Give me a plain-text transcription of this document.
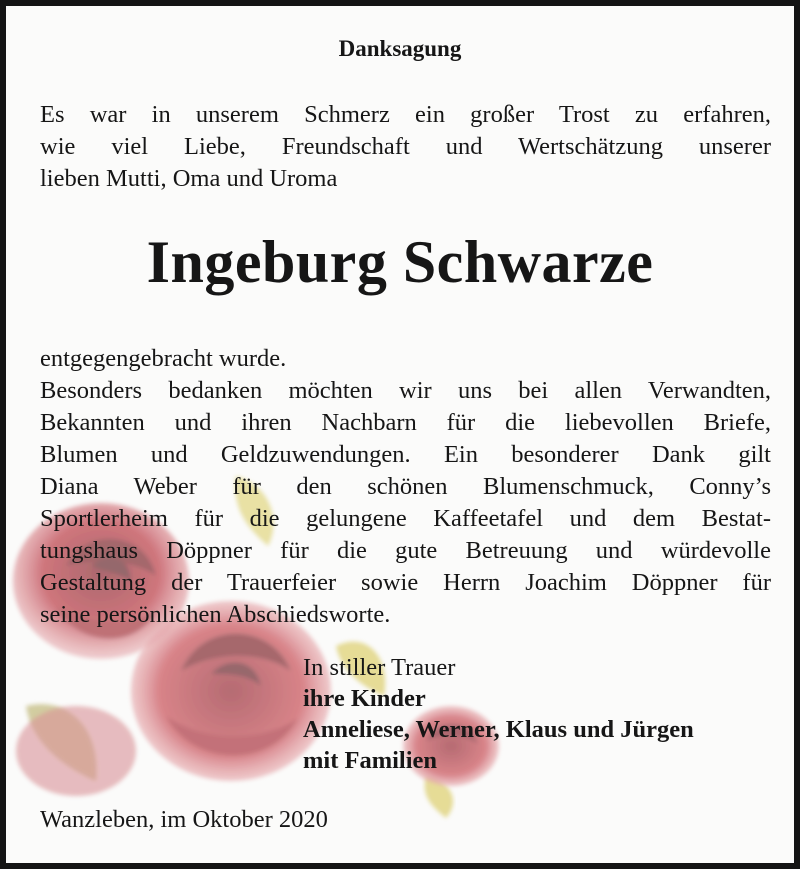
Danksagung
Es war in unserem Schmerz ein großer Trost zu erfahren,
wie viel Liebe, Freundschaft und Wertschätzung unserer
lieben Mutti, Oma und Uroma
Ingeburg Schwarze
entgegengebracht wurde.
Besonders bedanken möchten wir uns bei allen Verwandten,
Bekannten und ihren Nachbarn für die liebevollen Briefe,
Blumen und Geldzuwendungen. Ein besonderer Dank gilt
Diana Weber für den schönen Blumenschmuck, Conny’s
Sportlerheim für die gelungene Kaffeetafel und dem Bestat-
tungshaus Döppner für die gute Betreuung und würdevolle
Gestaltung der Trauerfeier sowie Herrn Joachim Döppner für
seine persönlichen Abschiedsworte.
In stiller Trauer
ihre Kinder
Anneliese, Werner, Klaus und Jürgen
mit Familien
Wanzleben, im Oktober 2020
